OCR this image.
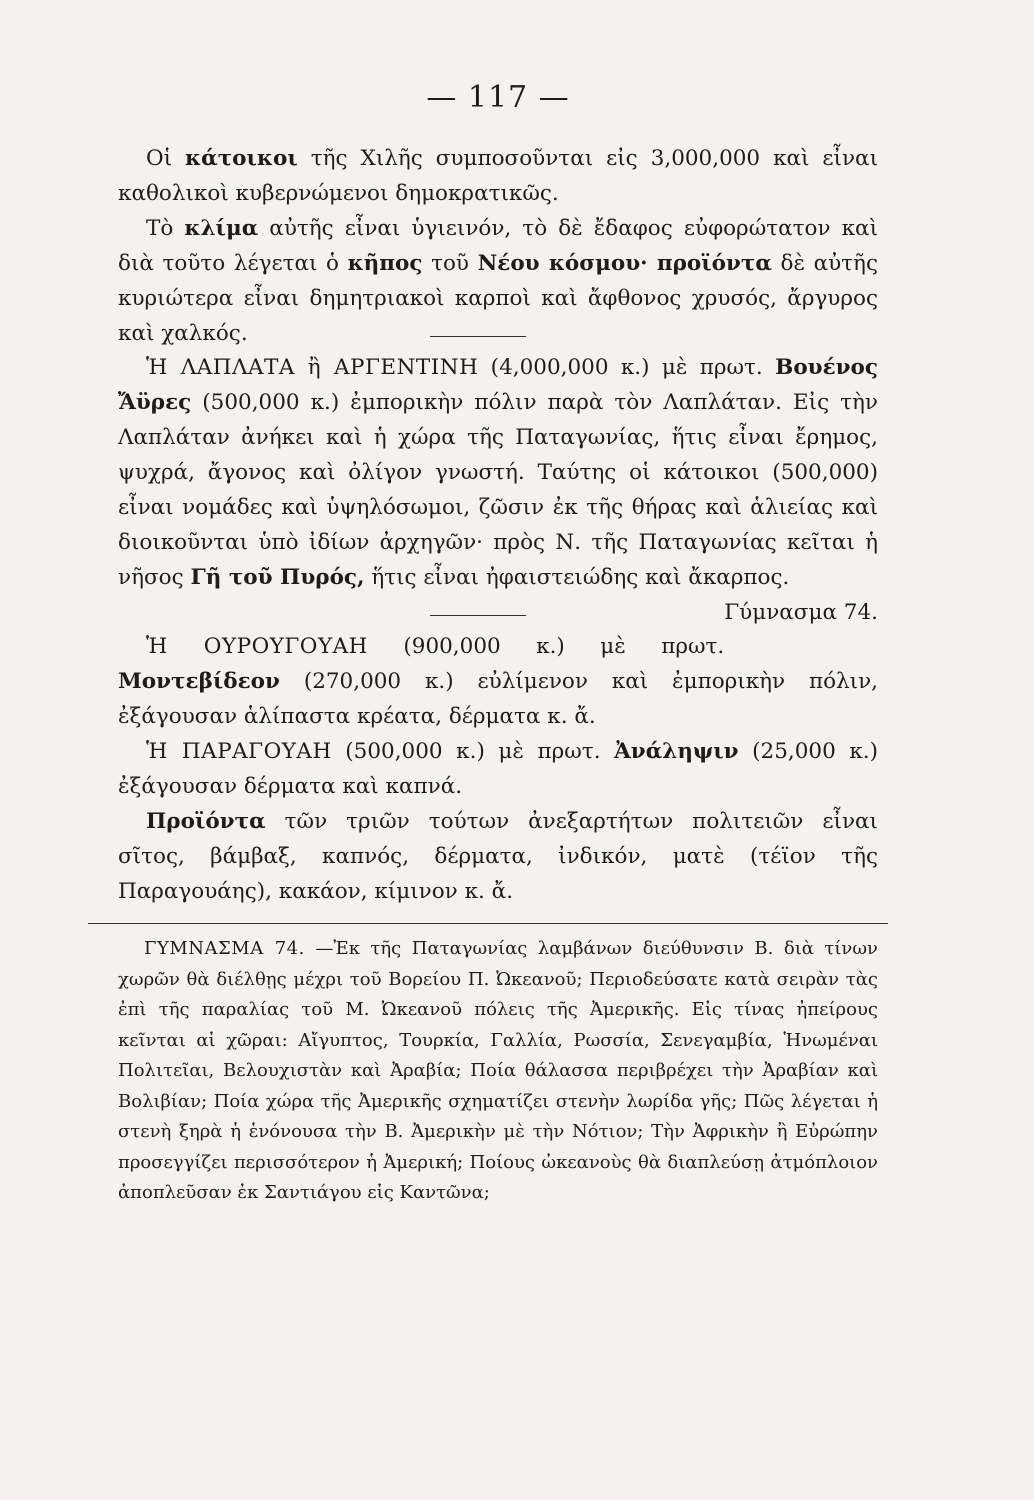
— 117 —

Οἱ κάτοικοι τῆς Χιλῆς συμποσοῦνται εἰς 3,000,000 καὶ εἶναι καθολικοὶ κυβερνώμενοι δημοκρατικῶς.

Τὸ κλίμα αὐτῆς εἶναι ὑγιεινόν, τὸ δὲ ἔδαφος εὐφορώτατον καὶ διὰ τοῦτο λέγεται ὁ κῆπος τοῦ Νέου κόσμου· προϊόντα δὲ αὐτῆς κυριώτερα εἶναι δημητριακοὶ καρποὶ καὶ ἄφθονος χρυσός, ἄργυρος καὶ χαλκός.

Ἡ ΛΑΠΛΑΤΑ ἢ ΑΡΓΕΝΤΙΝΗ (4,000,000 κ.) μὲ πρωτ. Βουένος Ἄϋρες (500,000 κ.) ἐμπορικὴν πόλιν παρὰ τὸν Λαπλάταν. Εἰς τὴν Λαπλάταν ἀνήκει καὶ ἡ χώρα τῆς Παταγωνίας, ἥτις εἶναι ἔρημος, ψυχρά, ἄγονος καὶ ὀλίγον γνωστή. Ταύτης οἱ κάτοικοι (500,000) εἶναι νομάδες καὶ ὑψηλόσωμοι, ζῶσιν ἐκ τῆς θήρας καὶ ἁλιείας καὶ διοικοῦνται ὑπὸ ἰδίων ἀρχηγῶν· πρὸς Ν. τῆς Παταγωνίας κεῖται ἡ νῆσος Γῆ τοῦ Πυρός, ἥτις εἶναι ἠφαιστειώδης καὶ ἄκαρπος.
Γύμνασμα 74.

Ἡ ΟΥΡΟΥΓΟΥΑΗ (900,000 κ.) μὲ πρωτ. Μοντεβίδεον (270,000 κ.) εὐλίμενον καὶ ἐμπορικὴν πόλιν, ἐξάγουσαν ἁλίπαστα κρέατα, δέρματα κ. ἄ.

Ἡ ΠΑΡΑΓΟΥΑΗ (500,000 κ.) μὲ πρωτ. Ἀνάληψιν (25,000 κ.) ἐξάγουσαν δέρματα καὶ καπνά.

Προϊόντα τῶν τριῶν τούτων ἀνεξαρτήτων πολιτειῶν εἶναι σῖτος, βάμβαξ, καπνός, δέρματα, ἰνδικόν, ματὲ (τέϊον τῆς Παραγουάης), κακάον, κίμινον κ. ἄ.

ΓΥΜΝΑΣΜΑ 74. —Ἐκ τῆς Παταγωνίας λαμβάνων διεύθυνσιν Β. διὰ τίνων χωρῶν θὰ διέλθῃς μέχρι τοῦ Βορείου Π. Ὠκεανοῦ; Περιοδεύσατε κατὰ σειρὰν τὰς ἐπὶ τῆς παραλίας τοῦ Μ. Ὠκεανοῦ πόλεις τῆς Ἀμερικῆς. Εἰς τίνας ἠπείρους κεῖνται αἱ χῶραι: Αἴγυπτος, Τουρκία, Γαλλία, Ρωσσία, Σενεγαμβία, Ἡνωμέναι Πολιτεῖαι, Βελουχιστὰν καὶ Ἀραβία; Ποία θάλασσα περιβρέχει τὴν Ἀραβίαν καὶ Βολιβίαν; Ποία χώρα τῆς Ἀμερικῆς σχηματίζει στενὴν λωρίδα γῆς; Πῶς λέγεται ἡ στενὴ ξηρὰ ἡ ἑνόνουσα τὴν Β. Ἀμερικὴν μὲ τὴν Νότιον; Τὴν Ἀφρικὴν ἢ Εὐρώπην προσεγγίζει περισσότερον ἡ Ἀμερική; Ποίους ὠκεανοὺς θὰ διαπλεύσῃ ἀτμόπλοιον ἀποπλεῦσαν ἐκ Σαντιάγου εἰς Καντῶνα;
